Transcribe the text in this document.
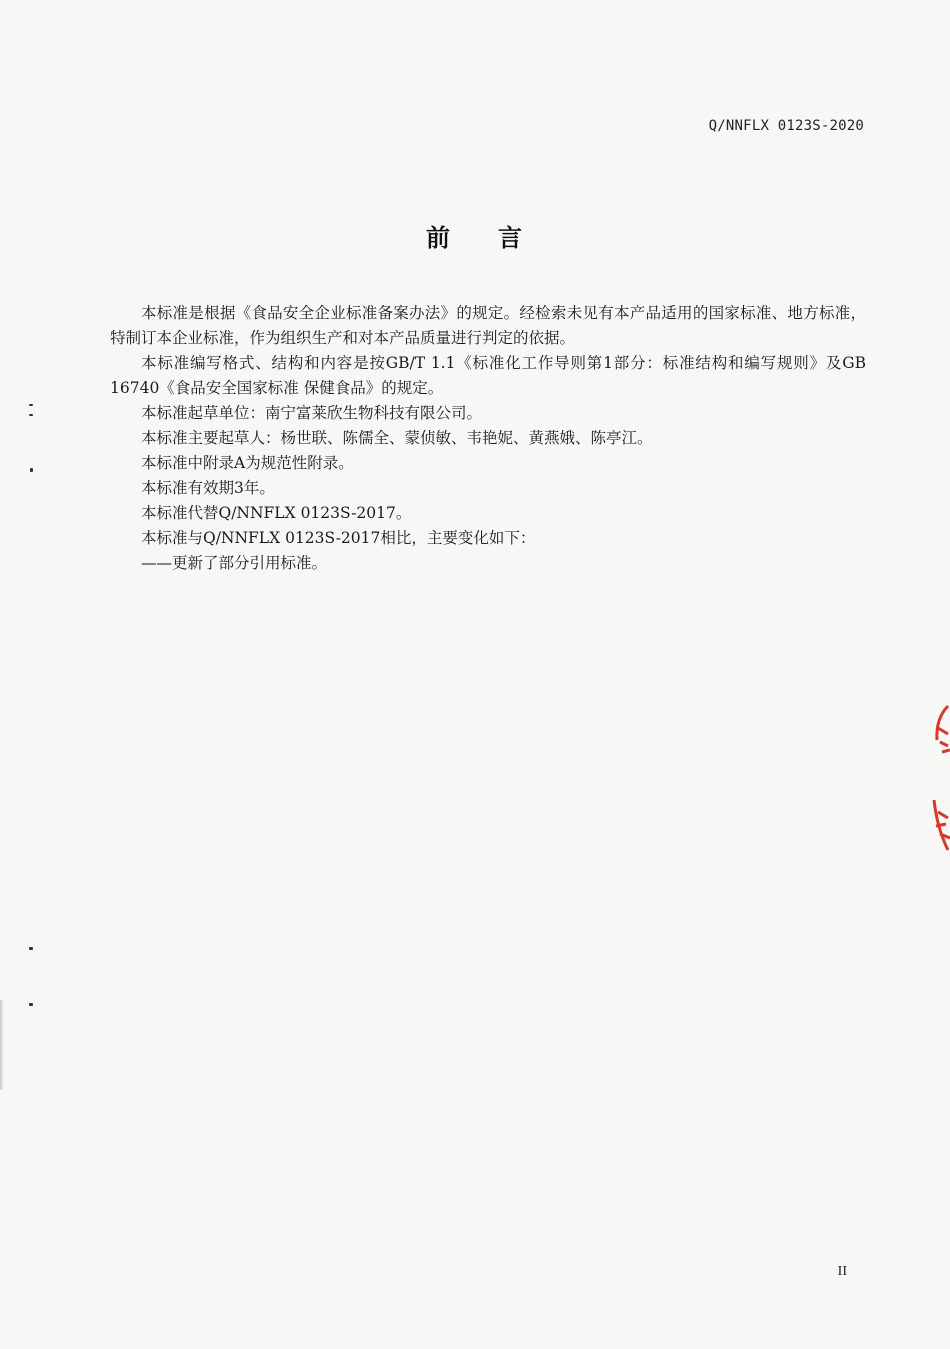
Q/NNFLX 0123S-2020
前 言

本标准是根据《食品安全企业标准备案办法》的规定。经检索未见有本产品适用的国家标准、地方标准，特制订本企业标准，作为组织生产和对本产品质量进行判定的依据。

本标准编写格式、结构和内容是按GB/T 1.1《标准化工作导则第1部分：标准结构和编写规则》及GB 16740《食品安全国家标准 保健食品》的规定。

本标准起草单位：南宁富莱欣生物科技有限公司。

本标准主要起草人：杨世联、陈儒全、蒙侦敏、韦艳妮、黄燕娥、陈亭江。

本标准中附录A为规范性附录。

本标准有效期3年。

本标准代替Q/NNFLX 0123S-2017。

本标准与Q/NNFLX 0123S-2017相比，主要变化如下：

——更新了部分引用标准。

II
